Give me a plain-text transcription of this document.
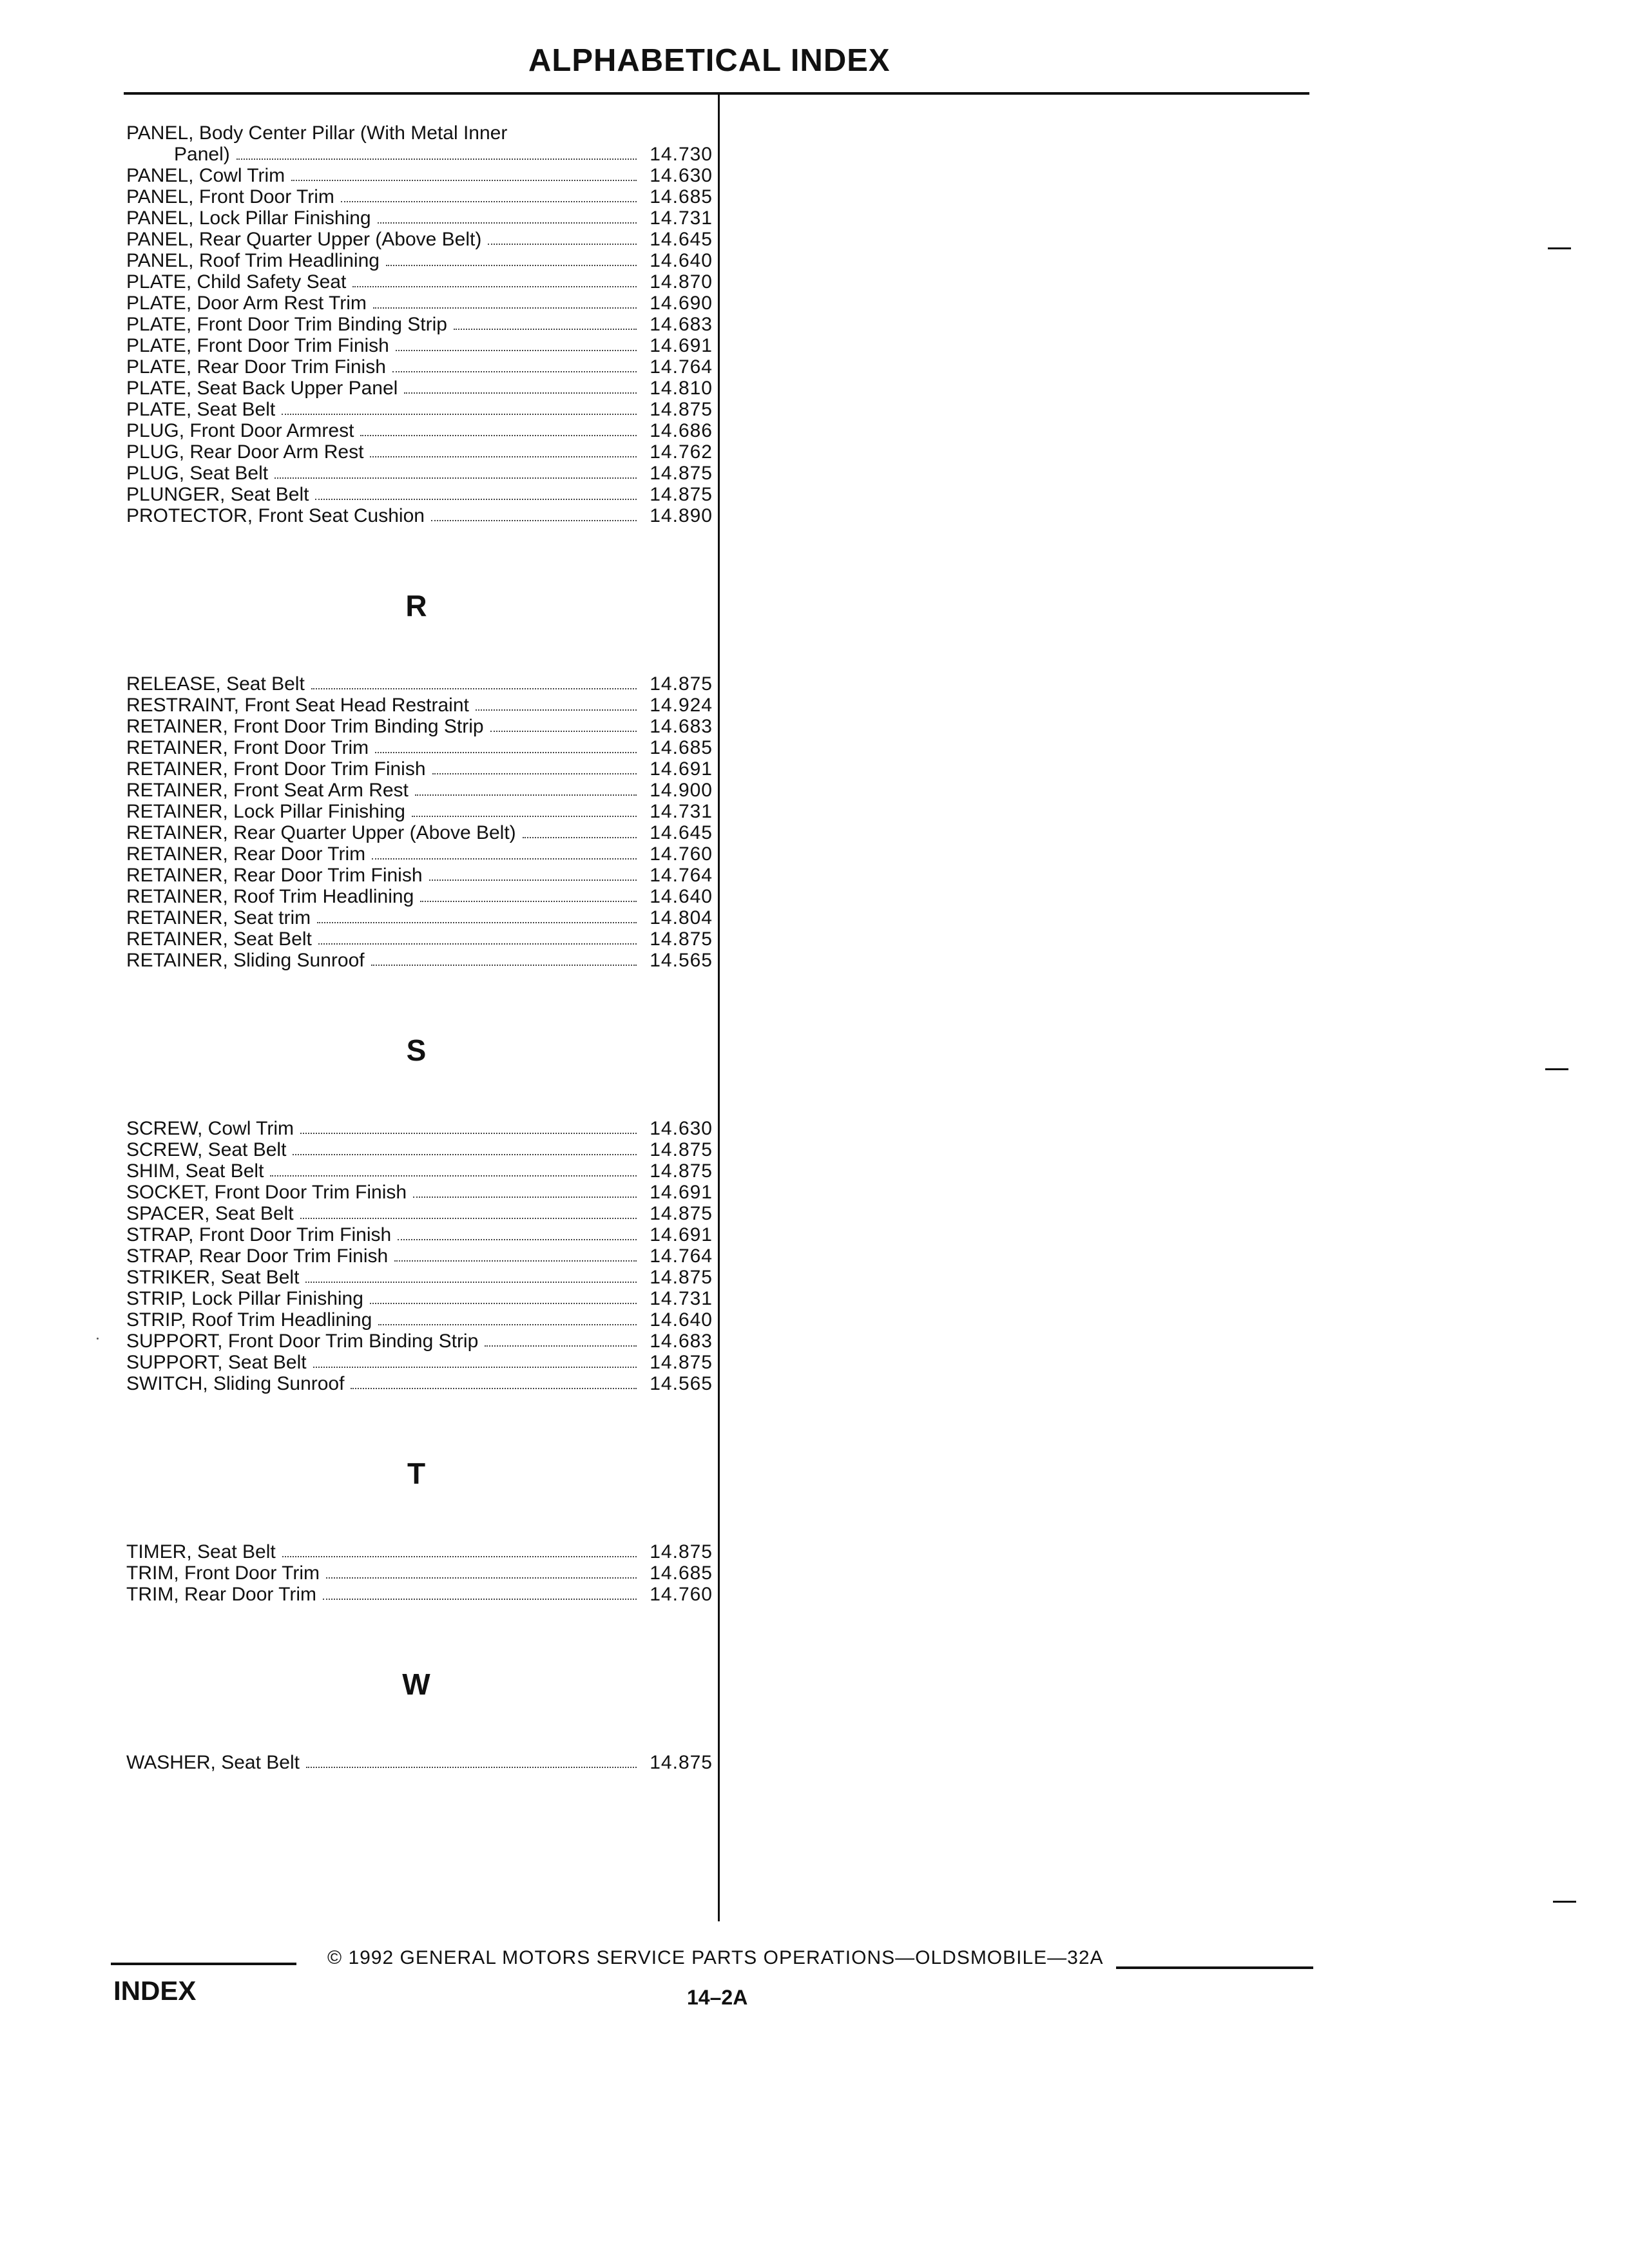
ALPHABETICAL INDEX
PANEL, Body Center Pillar (With Metal Inner
Panel)	14.730
PANEL, Cowl Trim	14.630
PANEL, Front Door Trim	14.685
PANEL, Lock Pillar Finishing	14.731
PANEL, Rear Quarter Upper (Above Belt)	14.645
PANEL, Roof Trim Headlining	14.640
PLATE, Child Safety Seat	14.870
PLATE, Door Arm Rest Trim	14.690
PLATE, Front Door Trim Binding Strip	14.683
PLATE, Front Door Trim Finish	14.691
PLATE, Rear Door Trim Finish	14.764
PLATE, Seat Back Upper Panel	14.810
PLATE, Seat Belt	14.875
PLUG, Front Door Armrest	14.686
PLUG, Rear Door Arm Rest	14.762
PLUG, Seat Belt	14.875
PLUNGER, Seat Belt	14.875
PROTECTOR, Front Seat Cushion	14.890
R
RELEASE, Seat Belt	14.875
RESTRAINT, Front Seat Head Restraint	14.924
RETAINER, Front Door Trim Binding Strip	14.683
RETAINER, Front Door Trim	14.685
RETAINER, Front Door Trim Finish	14.691
RETAINER, Front Seat Arm Rest	14.900
RETAINER, Lock Pillar Finishing	14.731
RETAINER, Rear Quarter Upper (Above Belt)	14.645
RETAINER, Rear Door Trim	14.760
RETAINER, Rear Door Trim Finish	14.764
RETAINER, Roof Trim Headlining	14.640
RETAINER, Seat trim	14.804
RETAINER, Seat Belt	14.875
RETAINER, Sliding Sunroof	14.565
S
SCREW, Cowl Trim	14.630
SCREW, Seat Belt	14.875
SHIM, Seat Belt	14.875
SOCKET, Front Door Trim Finish	14.691
SPACER, Seat Belt	14.875
STRAP, Front Door Trim Finish	14.691
STRAP, Rear Door Trim Finish	14.764
STRIKER, Seat Belt	14.875
STRIP, Lock Pillar Finishing	14.731
STRIP, Roof Trim Headlining	14.640
SUPPORT, Front Door Trim Binding Strip	14.683
SUPPORT, Seat Belt	14.875
SWITCH, Sliding Sunroof	14.565
T
TIMER, Seat Belt	14.875
TRIM, Front Door Trim	14.685
TRIM, Rear Door Trim	14.760
W
WASHER, Seat Belt	14.875
© 1992 GENERAL MOTORS SERVICE PARTS OPERATIONS—OLDSMOBILE—32A
INDEX	14–2A
